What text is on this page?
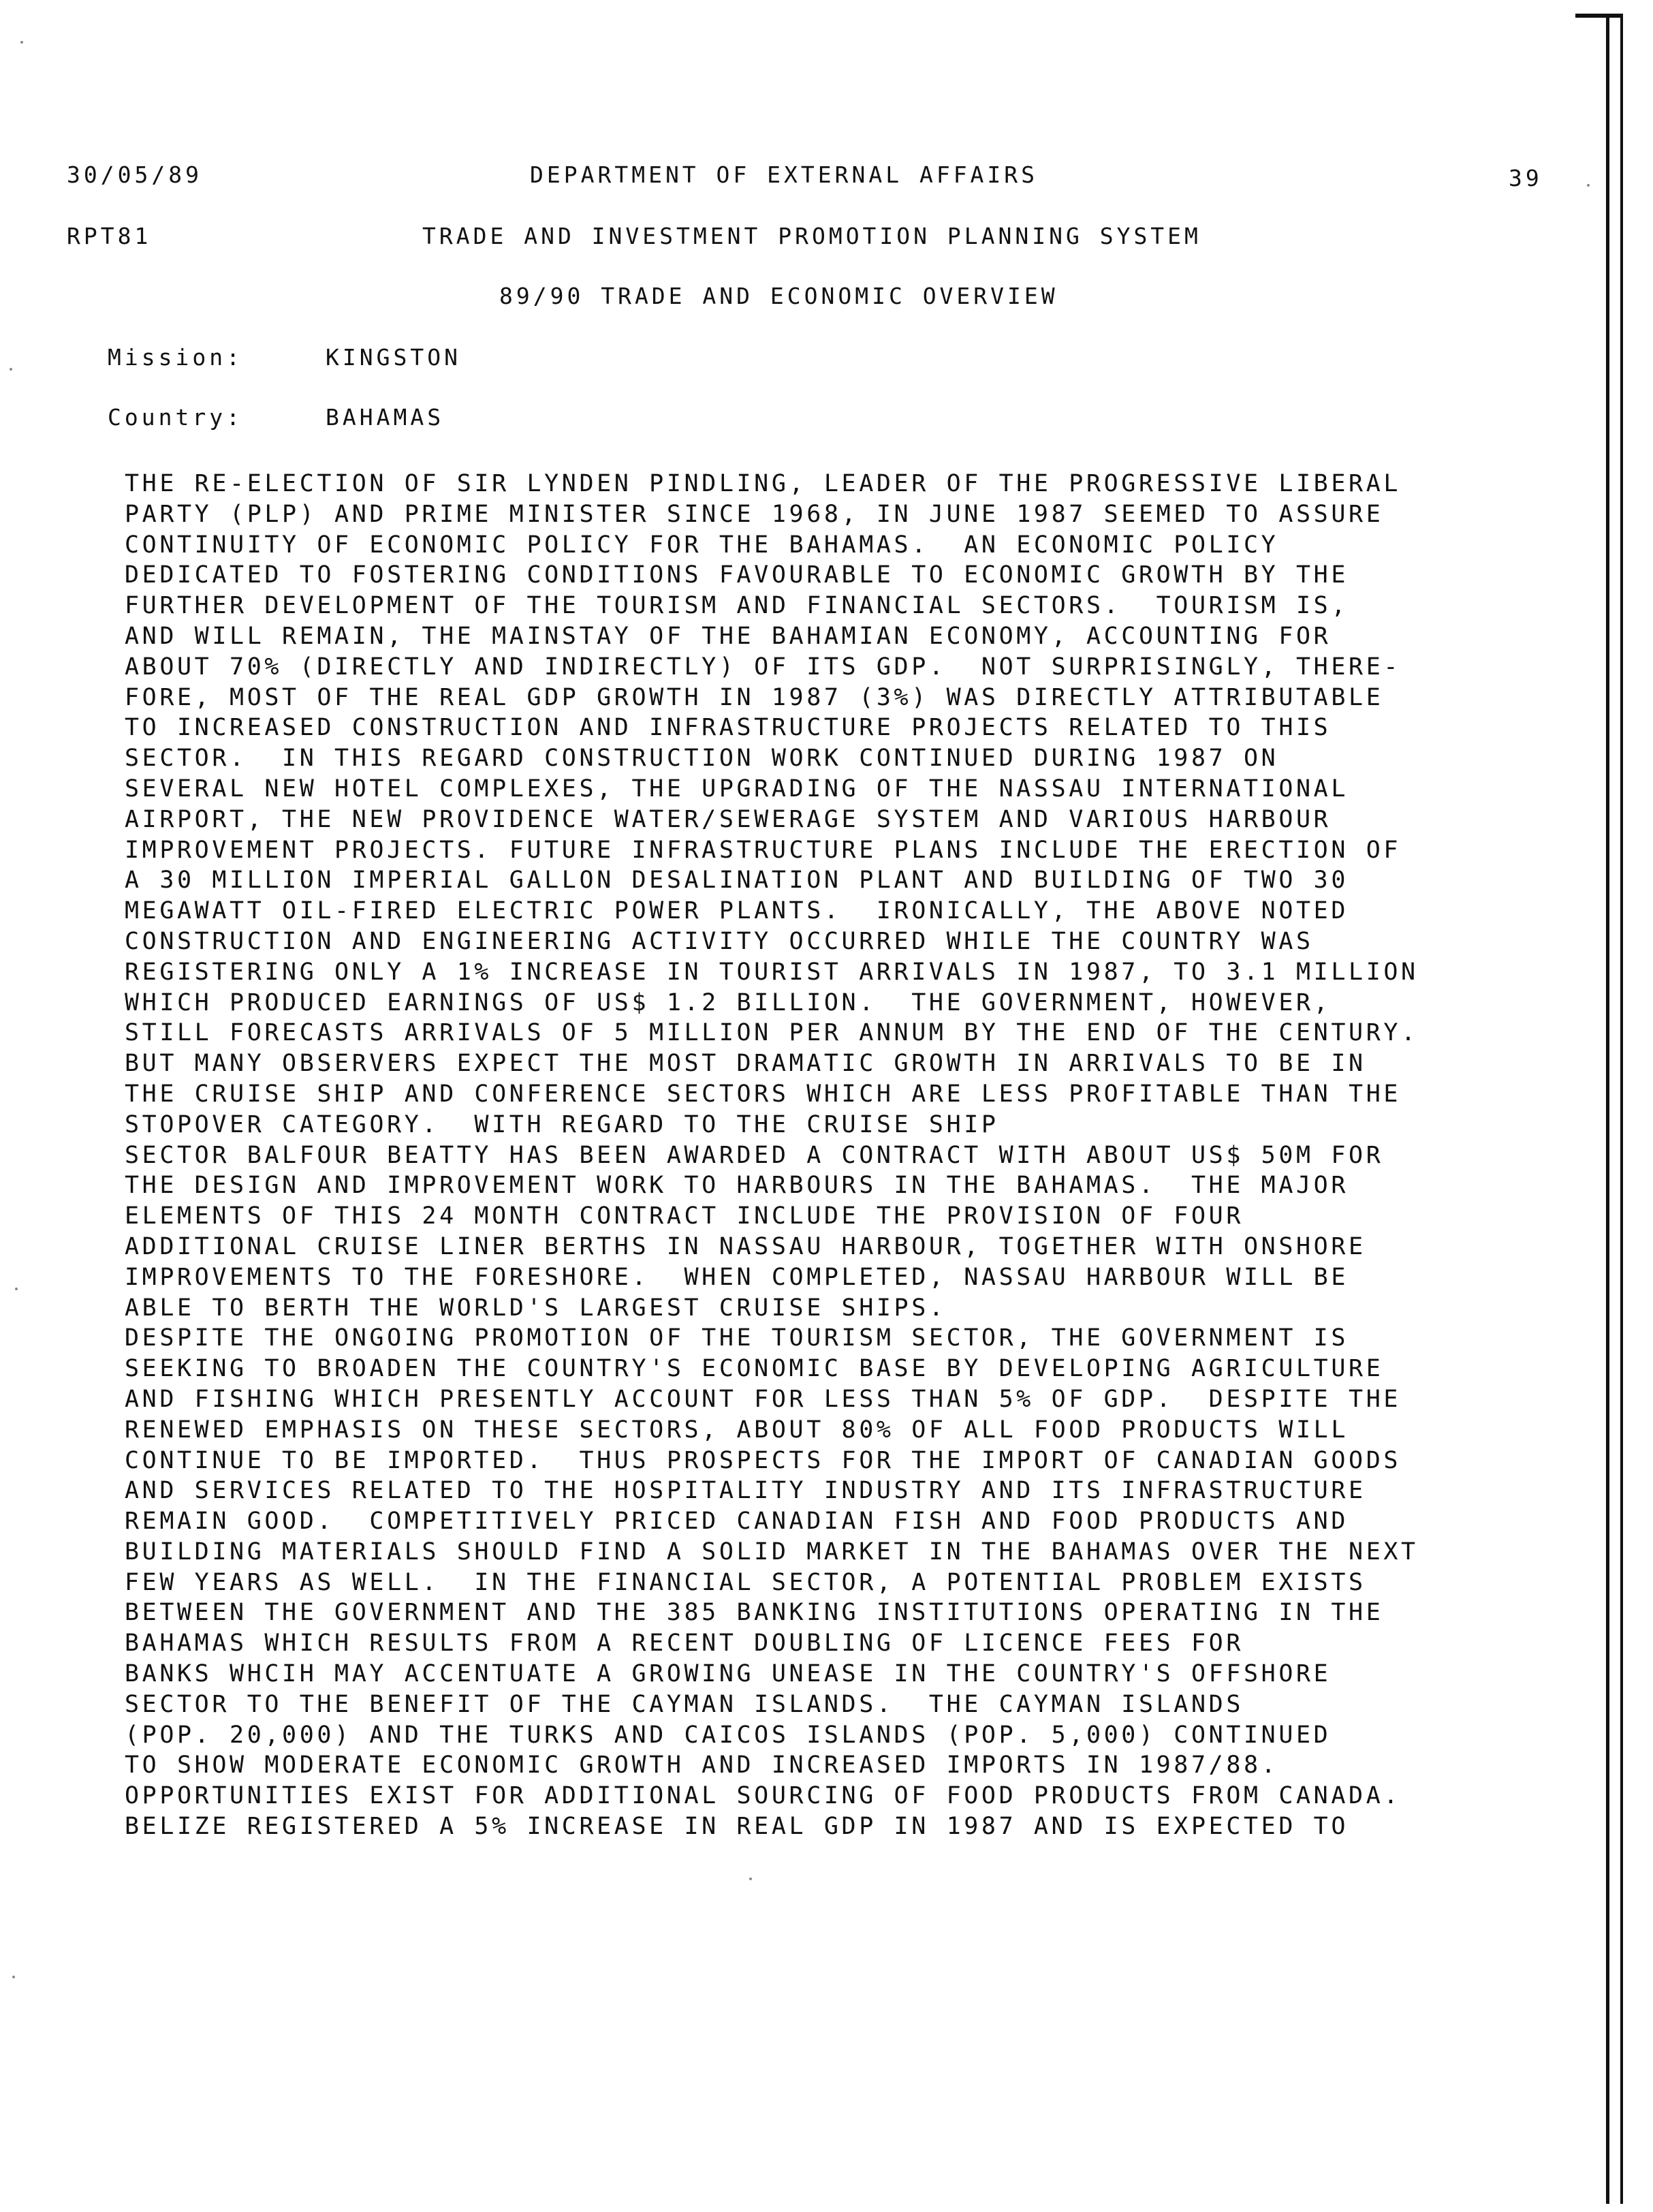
30/05/89	DEPARTMENT OF EXTERNAL AFFAIRS	39
RPT81	TRADE AND INVESTMENT PROMOTION PLANNING SYSTEM
89/90 TRADE AND ECONOMIC OVERVIEW
Mission:	KINGSTON
Country:	BAHAMAS
THE RE-ELECTION OF SIR LYNDEN PINDLING, LEADER OF THE PROGRESSIVE LIBERAL
PARTY (PLP) AND PRIME MINISTER SINCE 1968, IN JUNE 1987 SEEMED TO ASSURE
CONTINUITY OF ECONOMIC POLICY FOR THE BAHAMAS.  AN ECONOMIC POLICY
DEDICATED TO FOSTERING CONDITIONS FAVOURABLE TO ECONOMIC GROWTH BY THE
FURTHER DEVELOPMENT OF THE TOURISM AND FINANCIAL SECTORS.  TOURISM IS,
AND WILL REMAIN, THE MAINSTAY OF THE BAHAMIAN ECONOMY, ACCOUNTING FOR
ABOUT 70% (DIRECTLY AND INDIRECTLY) OF ITS GDP.  NOT SURPRISINGLY, THERE-
FORE, MOST OF THE REAL GDP GROWTH IN 1987 (3%) WAS DIRECTLY ATTRIBUTABLE
TO INCREASED CONSTRUCTION AND INFRASTRUCTURE PROJECTS RELATED TO THIS
SECTOR.  IN THIS REGARD CONSTRUCTION WORK CONTINUED DURING 1987 ON
SEVERAL NEW HOTEL COMPLEXES, THE UPGRADING OF THE NASSAU INTERNATIONAL
AIRPORT, THE NEW PROVIDENCE WATER/SEWERAGE SYSTEM AND VARIOUS HARBOUR
IMPROVEMENT PROJECTS. FUTURE INFRASTRUCTURE PLANS INCLUDE THE ERECTION OF
A 30 MILLION IMPERIAL GALLON DESALINATION PLANT AND BUILDING OF TWO 30
MEGAWATT OIL-FIRED ELECTRIC POWER PLANTS.  IRONICALLY, THE ABOVE NOTED
CONSTRUCTION AND ENGINEERING ACTIVITY OCCURRED WHILE THE COUNTRY WAS
REGISTERING ONLY A 1% INCREASE IN TOURIST ARRIVALS IN 1987, TO 3.1 MILLION
WHICH PRODUCED EARNINGS OF US$ 1.2 BILLION.  THE GOVERNMENT, HOWEVER,
STILL FORECASTS ARRIVALS OF 5 MILLION PER ANNUM BY THE END OF THE CENTURY.
BUT MANY OBSERVERS EXPECT THE MOST DRAMATIC GROWTH IN ARRIVALS TO BE IN
THE CRUISE SHIP AND CONFERENCE SECTORS WHICH ARE LESS PROFITABLE THAN THE
STOPOVER CATEGORY.  WITH REGARD TO THE CRUISE SHIP
SECTOR BALFOUR BEATTY HAS BEEN AWARDED A CONTRACT WITH ABOUT US$ 50M FOR
THE DESIGN AND IMPROVEMENT WORK TO HARBOURS IN THE BAHAMAS.  THE MAJOR
ELEMENTS OF THIS 24 MONTH CONTRACT INCLUDE THE PROVISION OF FOUR
ADDITIONAL CRUISE LINER BERTHS IN NASSAU HARBOUR, TOGETHER WITH ONSHORE
IMPROVEMENTS TO THE FORESHORE.  WHEN COMPLETED, NASSAU HARBOUR WILL BE
ABLE TO BERTH THE WORLD'S LARGEST CRUISE SHIPS.
DESPITE THE ONGOING PROMOTION OF THE TOURISM SECTOR, THE GOVERNMENT IS
SEEKING TO BROADEN THE COUNTRY'S ECONOMIC BASE BY DEVELOPING AGRICULTURE
AND FISHING WHICH PRESENTLY ACCOUNT FOR LESS THAN 5% OF GDP.  DESPITE THE
RENEWED EMPHASIS ON THESE SECTORS, ABOUT 80% OF ALL FOOD PRODUCTS WILL
CONTINUE TO BE IMPORTED.  THUS PROSPECTS FOR THE IMPORT OF CANADIAN GOODS
AND SERVICES RELATED TO THE HOSPITALITY INDUSTRY AND ITS INFRASTRUCTURE
REMAIN GOOD.  COMPETITIVELY PRICED CANADIAN FISH AND FOOD PRODUCTS AND
BUILDING MATERIALS SHOULD FIND A SOLID MARKET IN THE BAHAMAS OVER THE NEXT
FEW YEARS AS WELL.  IN THE FINANCIAL SECTOR, A POTENTIAL PROBLEM EXISTS
BETWEEN THE GOVERNMENT AND THE 385 BANKING INSTITUTIONS OPERATING IN THE
BAHAMAS WHICH RESULTS FROM A RECENT DOUBLING OF LICENCE FEES FOR
BANKS WHCIH MAY ACCENTUATE A GROWING UNEASE IN THE COUNTRY'S OFFSHORE
SECTOR TO THE BENEFIT OF THE CAYMAN ISLANDS.  THE CAYMAN ISLANDS
(POP. 20,000) AND THE TURKS AND CAICOS ISLANDS (POP. 5,000) CONTINUED
TO SHOW MODERATE ECONOMIC GROWTH AND INCREASED IMPORTS IN 1987/88.
OPPORTUNITIES EXIST FOR ADDITIONAL SOURCING OF FOOD PRODUCTS FROM CANADA.
BELIZE REGISTERED A 5% INCREASE IN REAL GDP IN 1987 AND IS EXPECTED TO
